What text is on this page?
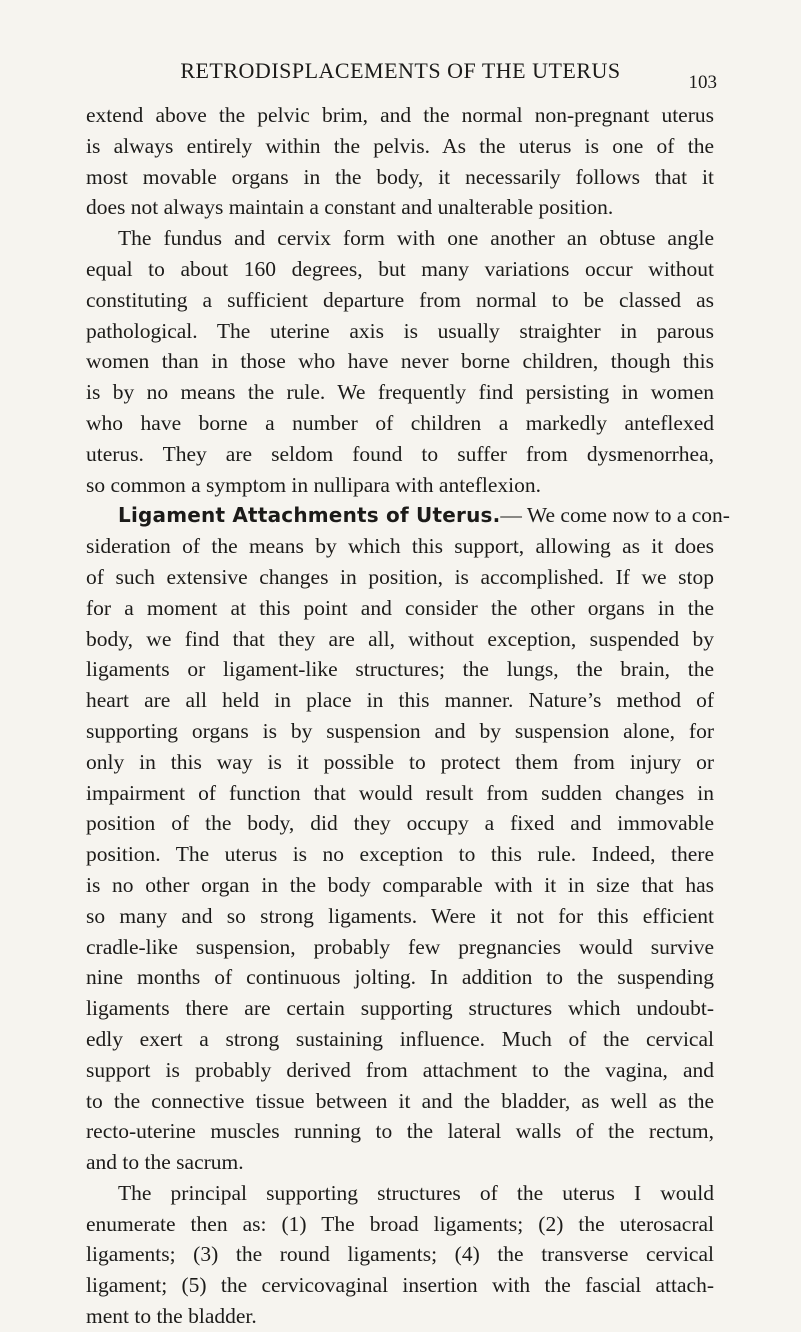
RETRODISPLACEMENTS OF THE UTERUS	103
extend above the pelvic brim, and the normal non-pregnant uterus
is always entirely within the pelvis. As the uterus is one of the
most movable organs in the body, it necessarily follows that it
does not always maintain a constant and unalterable position.
The fundus and cervix form with one another an obtuse angle
equal to about 160 degrees, but many variations occur without
constituting a sufficient departure from normal to be classed as
pathological. The uterine axis is usually straighter in parous
women than in those who have never borne children, though this
is by no means the rule. We frequently find persisting in women
who have borne a number of children a markedly anteflexed
uterus. They are seldom found to suffer from dysmenorrhea,
so common a symptom in nullipara with anteflexion.
Ligament Attachments of Uterus.— We come now to a con-
sideration of the means by which this support, allowing as it does
of such extensive changes in position, is accomplished. If we stop
for a moment at this point and consider the other organs in the
body, we find that they are all, without exception, suspended by
ligaments or ligament-like structures; the lungs, the brain, the
heart are all held in place in this manner. Nature’s method of
supporting organs is by suspension and by suspension alone, for
only in this way is it possible to protect them from injury or
impairment of function that would result from sudden changes in
position of the body, did they occupy a fixed and immovable
position. The uterus is no exception to this rule. Indeed, there
is no other organ in the body comparable with it in size that has
so many and so strong ligaments. Were it not for this efficient
cradle-like suspension, probably few pregnancies would survive
nine months of continuous jolting. In addition to the suspending
ligaments there are certain supporting structures which undoubt-
edly exert a strong sustaining influence. Much of the cervical
support is probably derived from attachment to the vagina, and
to the connective tissue between it and the bladder, as well as the
recto-uterine muscles running to the lateral walls of the rectum,
and to the sacrum.
The principal supporting structures of the uterus I would
enumerate then as: (1) The broad ligaments; (2) the uterosacral
ligaments; (3) the round ligaments; (4) the transverse cervical
ligament; (5) the cervicovaginal insertion with the fascial attach-
ment to the bladder.
